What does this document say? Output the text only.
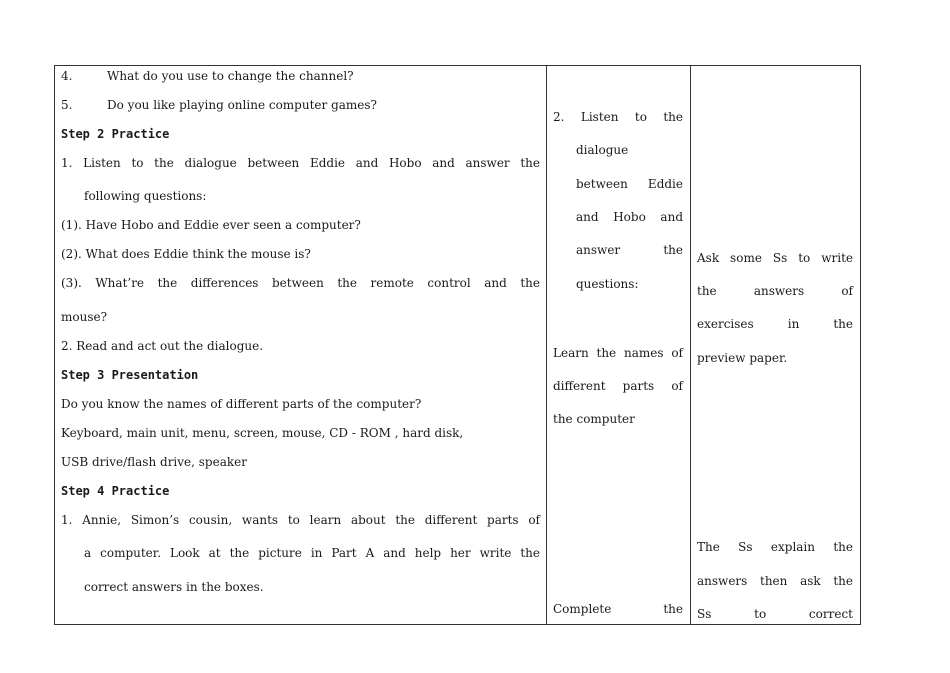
4.	What do you use to change the channel?
5.	Do you like playing online computer games?
Step 2 Practice
1. Listen to the dialogue between Eddie and Hobo and answer the
following questions:
(1). Have Hobo and Eddie ever seen a computer?
(2). What does Eddie think the mouse is?
(3). What’re the differences between the remote control and the
mouse?
2. Read and act out the dialogue.
Step 3 Presentation
Do you know the names of different parts of the computer?
Keyboard, main unit, menu, screen, mouse, CD - ROM , hard disk,
USB drive/flash drive, speaker
Step 4 Practice
1. Annie, Simon’s cousin, wants to learn about the different parts of
a computer. Look at the picture in Part A and help her write the
correct answers in the boxes.

2. Listen to the
dialogue
between Eddie
and Hobo and
answer the
questions:
Learn the names of
different parts of
the computer
Complete the

Ask some Ss to write
the answers of
exercises in the
preview paper.
The Ss explain the
answers then ask the
Ss to correct
